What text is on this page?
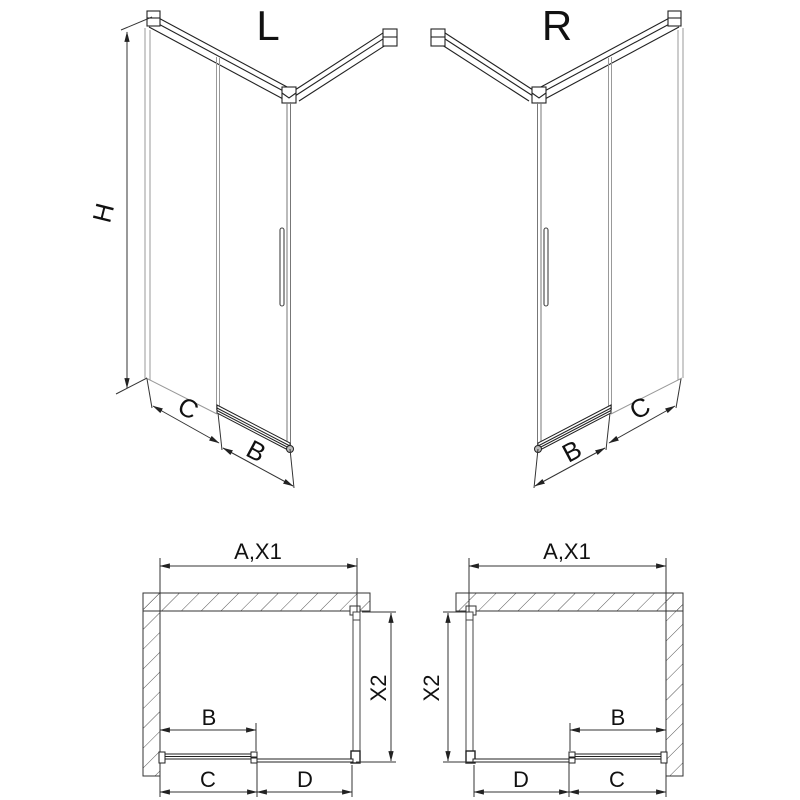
L
H
C
B
R
C
B
A,X1
X2
B
C	D
A,X1
X2
B
D	C
